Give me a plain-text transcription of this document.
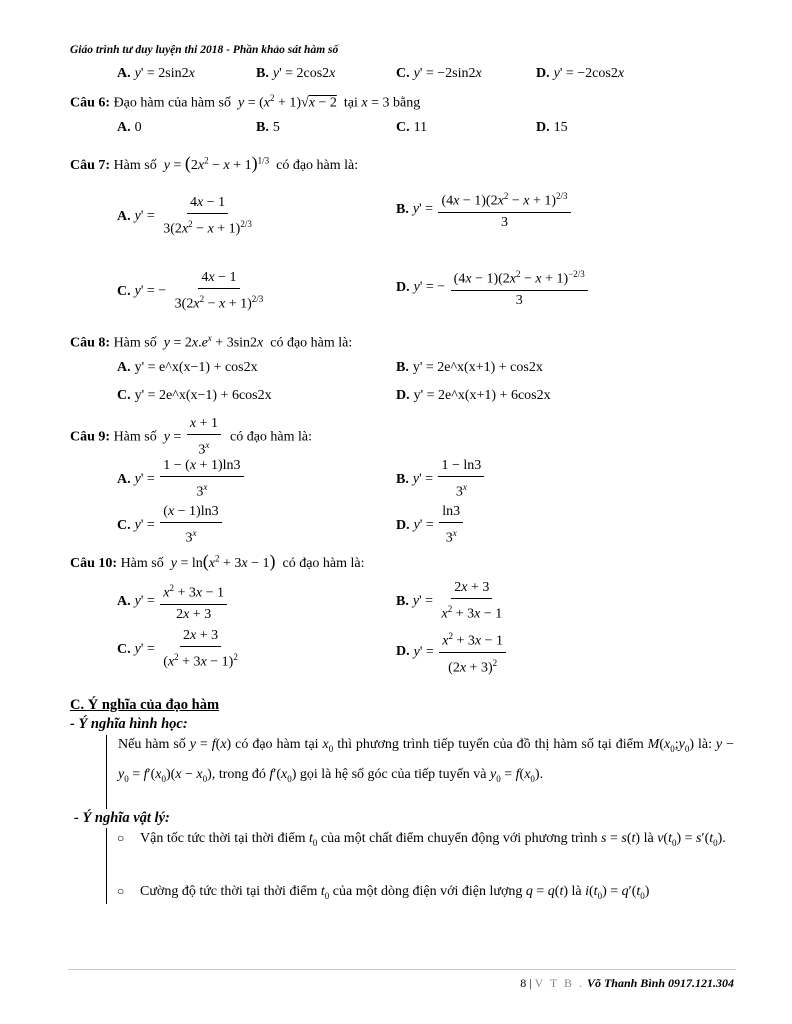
Giáo trình tư duy luyện thi 2018 - Phần khảo sát hàm số
A. y' = 2sin2x	B. y' = 2cos2x	C. y' = −2sin2x	D. y' = −2cos2x
Câu 6: Đạo hàm của hàm số $y = (x^2 + 1)√x - 2$ tại x = 3 bằng
A. 0	B. 5	C. 11	D. 15
Câu 7: Hàm số $y = (2x^2 - x + 1)^{1/3}$ có đạo hàm là:
A. $y' = \frac{4x - 1}{3(2x^2 - x + 1)^{2/3}}$	B. $y' = \frac{(4x - 1)(2x^2 - x + 1)^{2/3}}{3}$
C. y' = − $\frac{4x - 1}{3(2x^2 - x + 1)^{2/3}}$	D. y' = − $\frac{(4x - 1)(2x^2 - x + 1)^{-2/3}}{3}$
Câu 8: Hàm số $y = 2x.e^x + 3\sin 2x$ có đạo hàm là:
A. y' = e^x(x−1) + cos2x	B. y' = 2e^x(x+1) + cos2x
C. y' = 2e^x(x−1) + 6cos2x	D. y' = 2e^x(x+1) + 6cos2x
Câu 9: Hàm số $y = \frac{x + 1}{3^x}$ có đạo hàm là:
A. $y' = \frac{1 - (x + 1)\ln 3}{3^x}$	B. $y' = \frac{1 - \ln 3}{3^x}$
C. $y' = \frac{(x - 1)\ln 3}{3^x}$	D. $y' = \frac{\ln 3}{3^x}$
Câu 10: Hàm số $y = \ln(x^2 + 3x - 1)$ có đạo hàm là:
A. $y' = \frac{x^2 + 3x - 1}{2x + 3}$	B. $y' = \frac{2x + 3}{x^2 + 3x - 1}$
C. $y' = \frac{2x + 3}{(x^2 + 3x - 1)^2}$	D. $y' = \frac{x^2 + 3x - 1}{(2x + 3)^2}$
C. Ý nghĩa của đạo hàm
- Ý nghĩa hình học:
Nếu hàm số y = f(x) có đạo hàm tại $x_0$ thì phương trình tiếp tuyến của đồ thị hàm số tại điểm $M(x_0;y_0)$ là: $y - y_0 = f'(x_0)(x - x_0)$, trong đó $f'(x_0)$ gọi là hệ số góc của tiếp tuyến và $y_0 = f(x_0)$.
- Ý nghĩa vật lý:
○ Vận tốc tức thời tại thời điểm $t_0$ của một chất điểm chuyển động với phương trình s = s(t) là $v(t_0) = s'(t_0)$.
○ Cường độ tức thời tại thời điểm $t_0$ của một dòng điện với điện lượng q = q(t) là $i(t_0) = q'(t_0)$
8 | V T B . Võ Thanh Bình 0917.121.304
